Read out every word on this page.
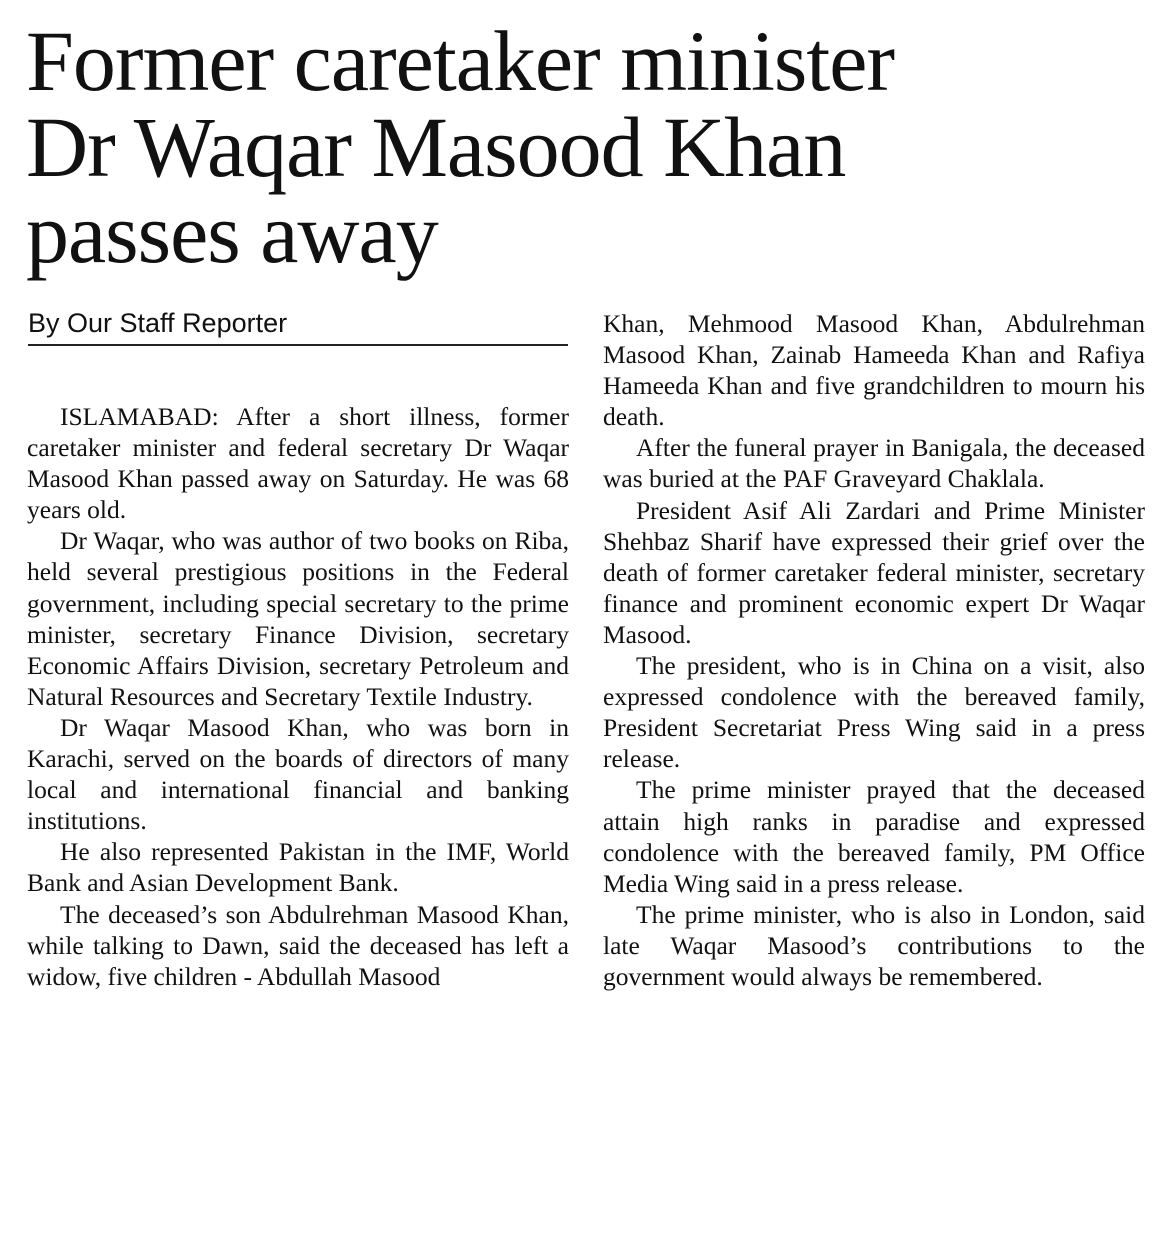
Former caretaker minister
Dr Waqar Masood Khan
passes away
By Our Staff Reporter

ISLAMABAD: After a short illness, former caretaker minister and federal secretary Dr Waqar Masood Khan passed away on Saturday. He was 68 years old.

Dr Waqar, who was author of two books on Riba, held several prestigious positions in the Federal government, including special secretary to the prime minister, secretary Finance Division, secretary Economic Affairs Division, secretary Petroleum and Natural Resources and Secretary Textile Industry.

Dr Waqar Masood Khan, who was born in Karachi, served on the boards of directors of many local and international financial and banking institutions.

He also represented Pakistan in the IMF, World Bank and Asian Development Bank.

The deceased’s son Abdulrehman Masood Khan, while talking to Dawn, said the deceased has left a widow, five children - Abdullah Masood

Khan, Mehmood Masood Khan, Abdulrehman Masood Khan, Zainab Hameeda Khan and Rafiya Hameeda Khan and five grandchildren to mourn his death.

After the funeral prayer in Banigala, the deceased was buried at the PAF Graveyard Chaklala.

President Asif Ali Zardari and Prime Minister Shehbaz Sharif have expressed their grief over the death of former caretaker federal minister, secretary finance and prominent economic expert Dr Waqar Masood.

The president, who is in China on a visit, also expressed condolence with the bereaved family, President Secretariat Press Wing said in a press release.

The prime minister prayed that the deceased attain high ranks in paradise and expressed condolence with the bereaved family, PM Office Media Wing said in a press release.

The prime minister, who is also in London, said late Waqar Masood’s contributions to the government would always be remembered.
